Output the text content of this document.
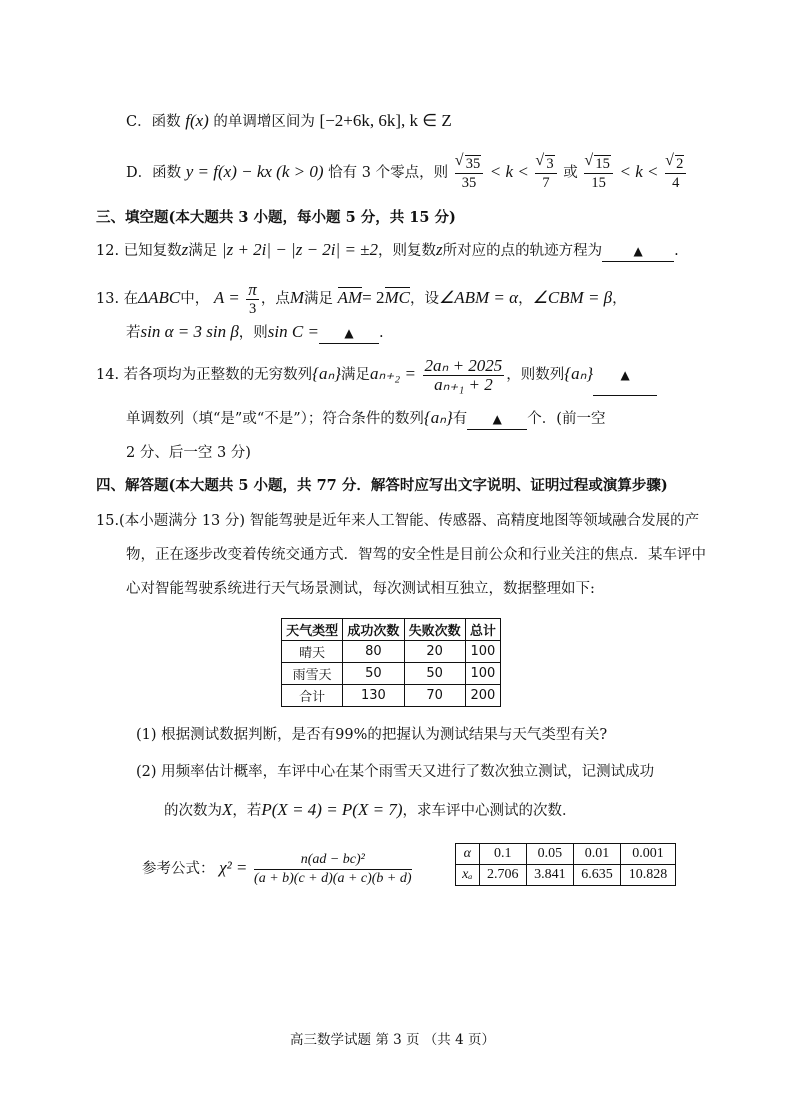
C．函数 f(x) 的单调增区间为 [−2+6k, 6k], k ∈ Z
D．函数 y = f(x) − kx (k > 0) 恰有 3 个零点，则 √ $\frac{35}{35} < k$ < √ $\frac{3}{7}$ 或 √ $\frac{15}{15} < k$ < √ $\frac{2}{4}$
三、填空题(本大题共 3 小题，每小题 5 分，共 15 分)
12. 已知复数z满足 |z + 2i| − |z − 2i| = ±2，则复数z所对应的点的轨迹方程为	▲ .
13. 在ΔABC中， $A = \frac{\pi}{3}$ ，点M满足 AM= 2MC，设∠ABM = α，∠CBM = β，
若sin α = 3 sin β，则sin C = ▲ .
14. 若各项均为正整数的无穷数列{aₙ}满足$a_{n+2} = \frac{\text{2aₙ + 2025}}{\text{aₙ₊₁ + 2}}$ ，则数列{aₙ} ▲
单调数列（填“是”或“不是”）；符合条件的数列{aₙ}有 ▲ 个．(前一空
2 分、后一空 3 分)
四、解答题(本大题共 5 小题，共 77 分．解答时应写出文字说明、证明过程或演算步骤)
15.(本小题满分 13 分) 智能驾驶是近年来人工智能、传感器、高精度地图等领域融合发展的产
物，正在逐步改变着传统交通方式．智驾的安全性是目前公众和行业关注的焦点．某车评中
心对智能驾驶系统进行天气场景测试，每次测试相互独立，数据整理如下:
天气类型	成功次数	失败次数	总计
晴天	80	20	100
雨雪天	50	50	100
合计	130	70	200
(1) 根据测试数据判断，是否有99%的把握认为测试结果与天气类型有关?
(2) 用频率估计概率，车评中心在某个雨雪天又进行了数次独立测试，记测试成功
的次数为X，若P(X = 4) = P(X = 7)，求车评中心测试的次数．
参考公式： $\chi^2 = \frac{\text{n(ad − bc)²}}{(a + b)(c + d)(a + c)(b + d)}$	α	0.1	0.05	0.01	0.001
xₐ	2.706	3.841	6.635	10.828
高三数学试题 第 3 页 （共 4 页）
